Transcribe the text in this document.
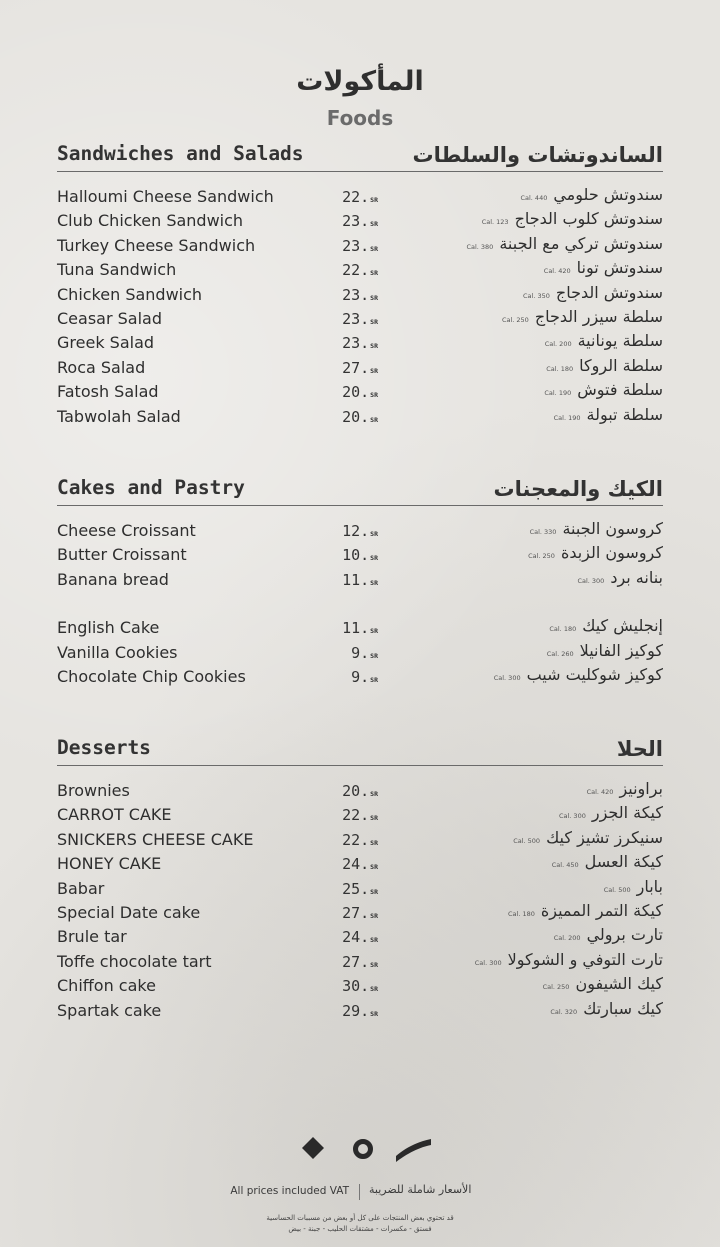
المأكولات
Foods
Sandwiches and Salads	الساندوتشات والسلطات
Halloumi Cheese Sandwich	22.SR	سندوتش حلوميCal. 440
Club Chicken Sandwich	23.SR	سندوتش كلوب الدجاجCal. 123
Turkey Cheese Sandwich	23.SR	سندوتش تركي مع الجبنةCal. 380
Tuna Sandwich	22.SR	سندوتش توناCal. 420
Chicken Sandwich	23.SR	سندوتش الدجاجCal. 350
Ceasar Salad	23.SR	سلطة سيزر الدجاجCal. 250
Greek Salad	23.SR	سلطة يونانيةCal. 200
Roca Salad	27.SR	سلطة الروكاCal. 180
Fatosh Salad	20.SR	سلطة فتوشCal. 190
Tabwolah Salad	20.SR	سلطة تبولةCal. 190
Cakes and Pastry	الكيك والمعجنات
Cheese Croissant	12.SR	كروسون الجبنةCal. 330
Butter Croissant	10.SR	كروسون الزبدةCal. 250
Banana bread	11.SR	بنانه بردCal. 300
English Cake	11.SR	إنجليش كيكCal. 180
Vanilla Cookies	9.SR	كوكيز الفانيلاCal. 260
Chocolate Chip Cookies	9.SR	كوكيز شوكليت شيبCal. 300
Desserts	الحلا
Brownies	20.SR	براونيزCal. 420
CARROT CAKE	22.SR	كيكة الجزرCal. 300
SNICKERS CHEESE CAKE	22.SR	سنيكرز تشيز كيكCal. 500
HONEY CAKE	24.SR	كيكة العسلCal. 450
Babar	25.SR	بابارCal. 500
Special Date cake	27.SR	كيكة التمر المميزةCal. 180
Brule tar	24.SR	تارت بروليCal. 200
Toffe chocolate tart	27.SR	تارت التوفي و الشوكولاCal. 300
Chiffon cake	30.SR	كيك الشيفونCal. 250
Spartak cake	29.SR	كيك سبارتكCal. 320
All prices included VAT الأسعار شاملة للضريبة
قد تحتوي بعض المنتجات على كل أو بعض من مسببات الحساسية
فستق - مكسرات - مشتقات الحليب - جبنة - بيض
